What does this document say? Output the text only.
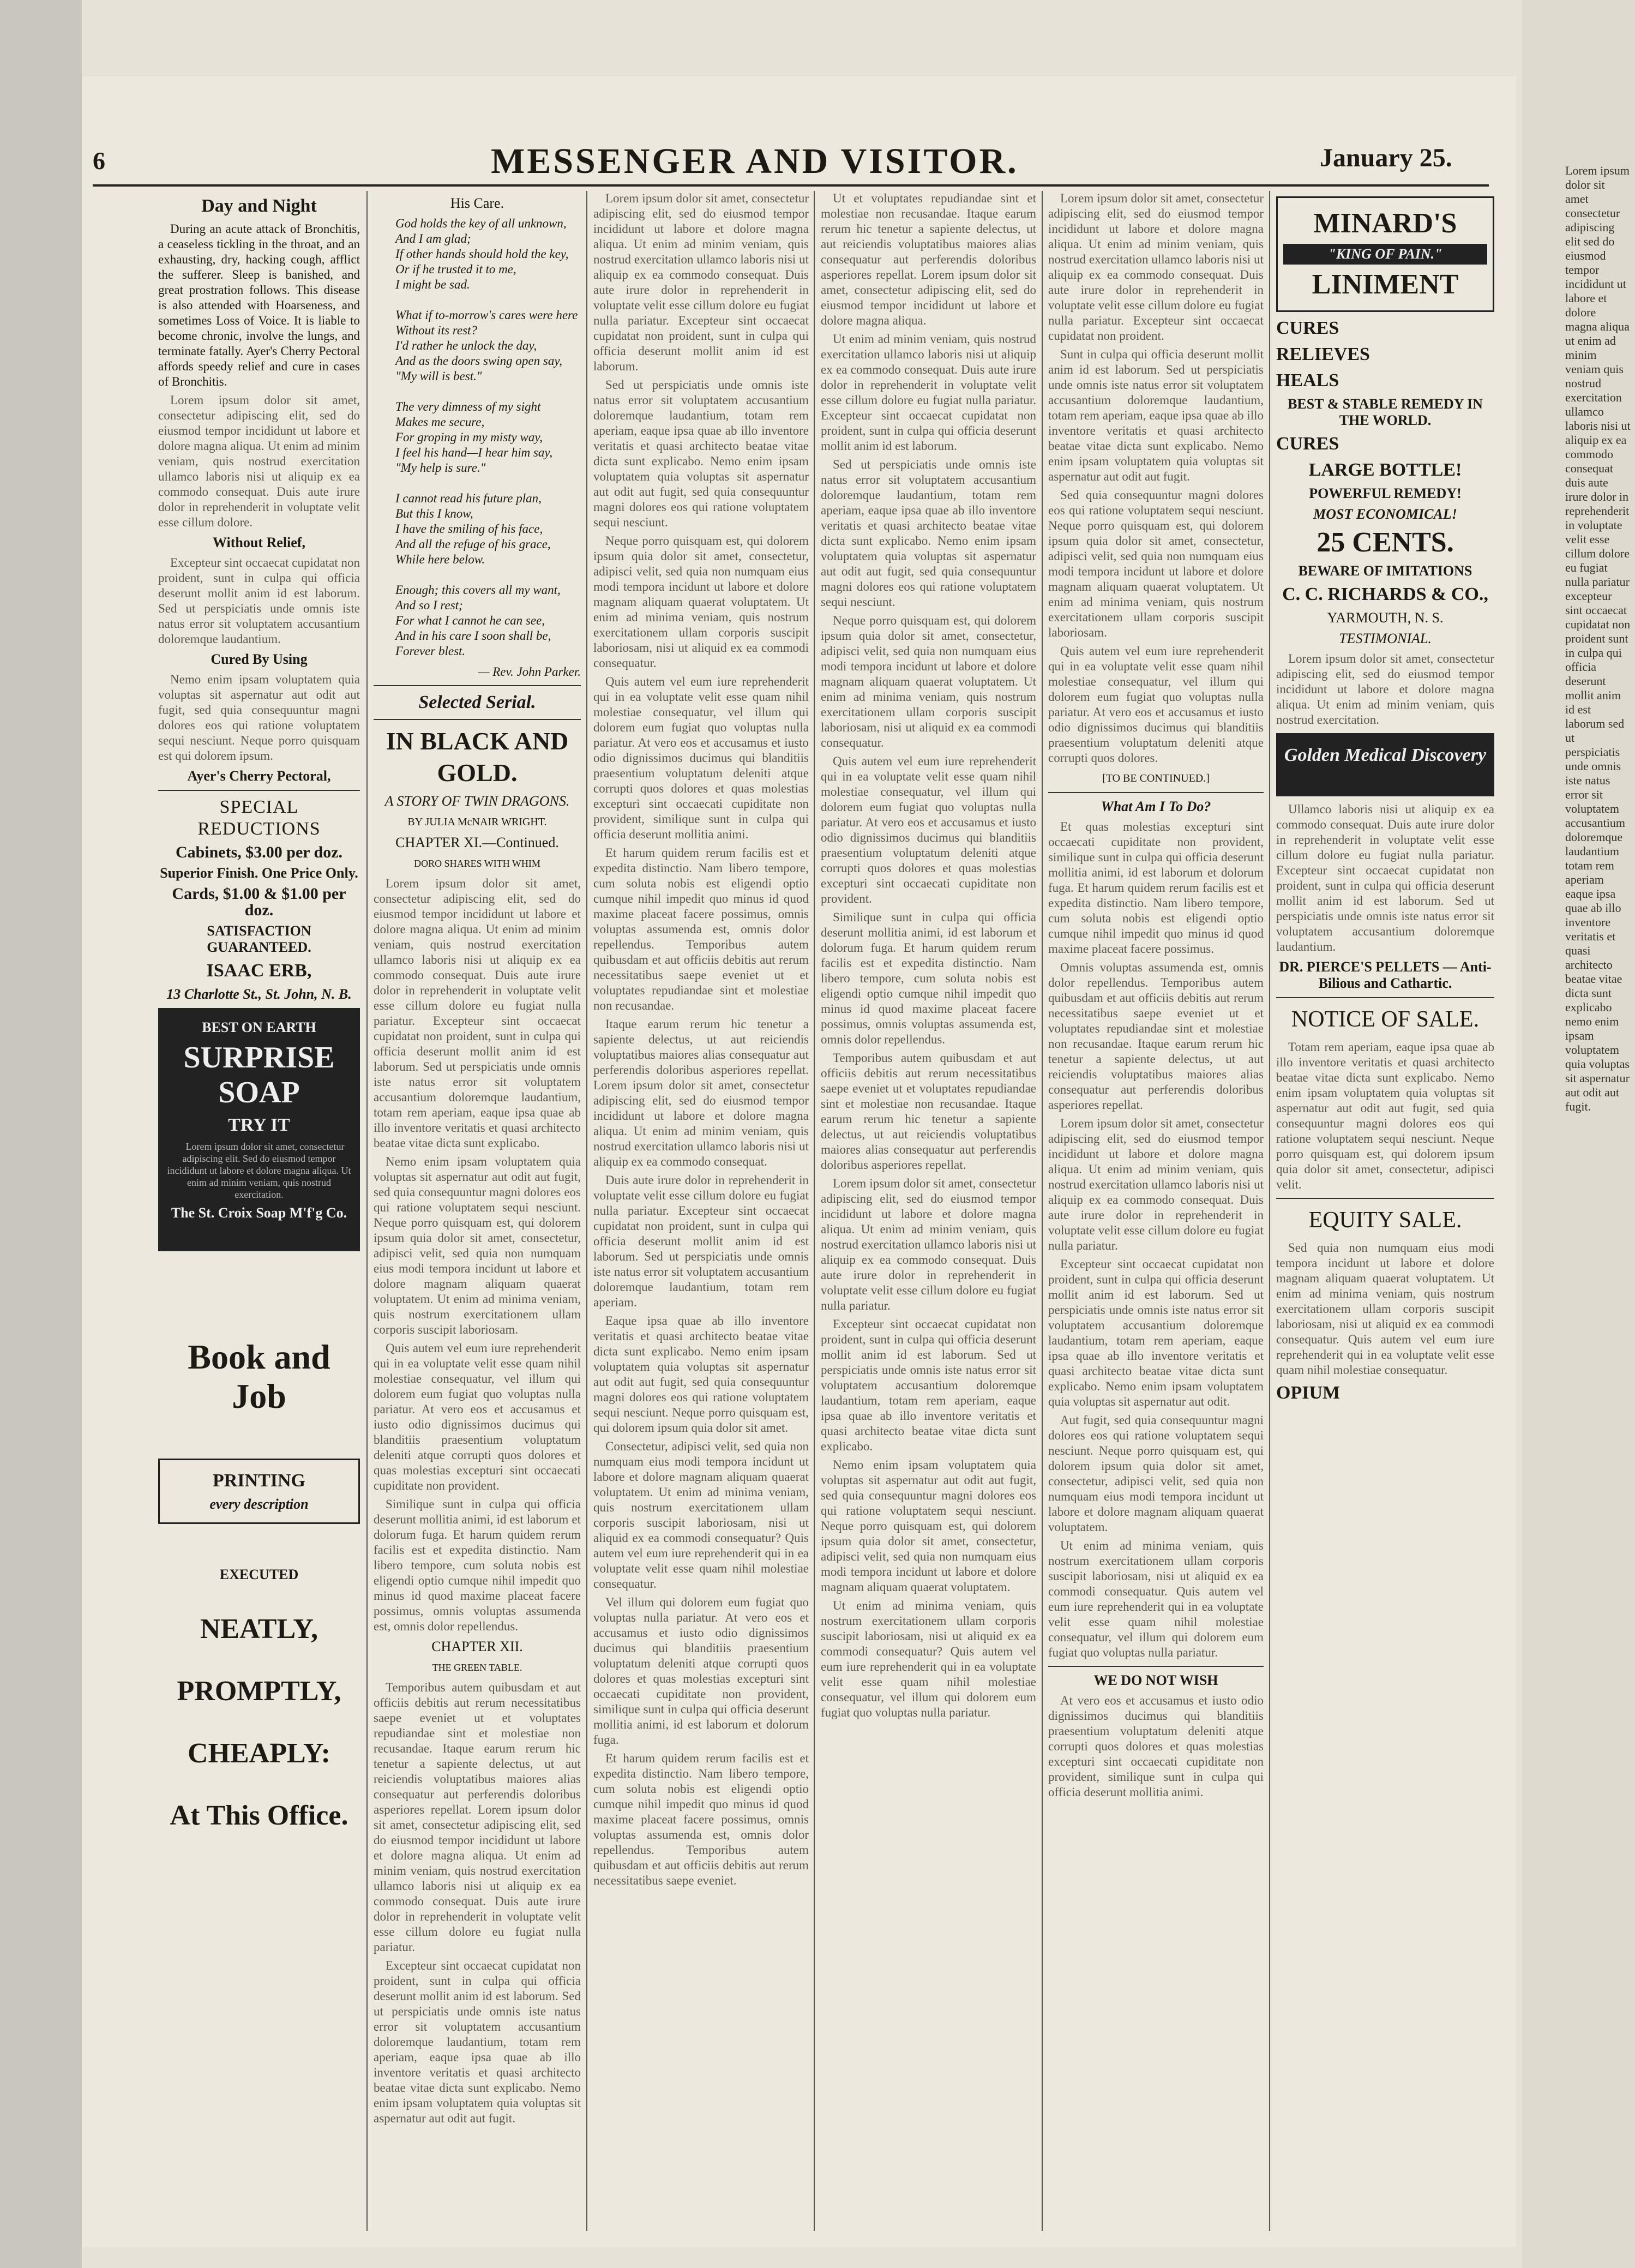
6	MESSENGER AND VISITOR.	January 25.
Day and Night

During an acute attack of Bronchitis, a ceaseless tickling in the throat, and an exhausting, dry, hacking cough, afflict the sufferer. Sleep is banished, and great prostration follows. This disease is also attended with Hoarseness, and sometimes Loss of Voice. It is liable to become chronic, involve the lungs, and terminate fatally. Ayer's Cherry Pectoral affords speedy relief and cure in cases of Bronchitis.

Lorem ipsum dolor sit amet, consectetur adipiscing elit, sed do eiusmod tempor incididunt ut labore et dolore magna aliqua. Ut enim ad minim veniam, quis nostrud exercitation ullamco laboris nisi ut aliquip ex ea commodo consequat. Duis aute irure dolor in reprehenderit in voluptate velit esse cillum dolore.

Without Relief,

Excepteur sint occaecat cupidatat non proident, sunt in culpa qui officia deserunt mollit anim id est laborum. Sed ut perspiciatis unde omnis iste natus error sit voluptatem accusantium doloremque laudantium.

Cured By Using

Nemo enim ipsam voluptatem quia voluptas sit aspernatur aut odit aut fugit, sed quia consequuntur magni dolores eos qui ratione voluptatem sequi nesciunt. Neque porro quisquam est qui dolorem ipsum.

Ayer's Cherry Pectoral,
SPECIAL REDUCTIONS
Cabinets, $3.00 per doz.
Superior Finish. One Price Only.
Cards, $1.00 & $1.00 per doz.
SATISFACTION GUARANTEED.
ISAAC ERB,
13 Charlotte St., St. John, N. B.
BEST ON EARTH
SURPRISE SOAP
TRY IT

Lorem ipsum dolor sit amet, consectetur adipiscing elit. Sed do eiusmod tempor incididunt ut labore et dolore magna aliqua. Ut enim ad minim veniam, quis nostrud exercitation.

The St. Croix Soap M'f'g Co.
Book and Job
PRINTING
every description
EXECUTED
NEATLY,
PROMPTLY,
CHEAPLY:
At This Office.
His Care.
God holds the key of all unknown,
And I am glad;
If other hands should hold the key,
Or if he trusted it to me,
I might be sad.

What if to-morrow's cares were here
Without its rest?
I'd rather he unlock the day,
And as the doors swing open say,
"My will is best."

The very dimness of my sight
Makes me secure,
For groping in my misty way,
I feel his hand—I hear him say,
"My help is sure."

I cannot read his future plan,
But this I know,
I have the smiling of his face,
And all the refuge of his grace,
While here below.

Enough; this covers all my want,
And so I rest;
For what I cannot he can see,
And in his care I soon shall be,
Forever blest.
— Rev. John Parker.
Selected Serial.
IN BLACK AND GOLD.
A STORY OF TWIN DRAGONS.
BY JULIA McNAIR WRIGHT.
CHAPTER XI.—Continued.
DORO SHARES WITH WHIM

Lorem ipsum dolor sit amet, consectetur adipiscing elit, sed do eiusmod tempor incididunt ut labore et dolore magna aliqua. Ut enim ad minim veniam, quis nostrud exercitation ullamco laboris nisi ut aliquip ex ea commodo consequat. Duis aute irure dolor in reprehenderit in voluptate velit esse cillum dolore eu fugiat nulla pariatur. Excepteur sint occaecat cupidatat non proident, sunt in culpa qui officia deserunt mollit anim id est laborum. Sed ut perspiciatis unde omnis iste natus error sit voluptatem accusantium doloremque laudantium, totam rem aperiam, eaque ipsa quae ab illo inventore veritatis et quasi architecto beatae vitae dicta sunt explicabo.

Nemo enim ipsam voluptatem quia voluptas sit aspernatur aut odit aut fugit, sed quia consequuntur magni dolores eos qui ratione voluptatem sequi nesciunt. Neque porro quisquam est, qui dolorem ipsum quia dolor sit amet, consectetur, adipisci velit, sed quia non numquam eius modi tempora incidunt ut labore et dolore magnam aliquam quaerat voluptatem. Ut enim ad minima veniam, quis nostrum exercitationem ullam corporis suscipit laboriosam.

Quis autem vel eum iure reprehenderit qui in ea voluptate velit esse quam nihil molestiae consequatur, vel illum qui dolorem eum fugiat quo voluptas nulla pariatur. At vero eos et accusamus et iusto odio dignissimos ducimus qui blanditiis praesentium voluptatum deleniti atque corrupti quos dolores et quas molestias excepturi sint occaecati cupiditate non provident.

Similique sunt in culpa qui officia deserunt mollitia animi, id est laborum et dolorum fuga. Et harum quidem rerum facilis est et expedita distinctio. Nam libero tempore, cum soluta nobis est eligendi optio cumque nihil impedit quo minus id quod maxime placeat facere possimus, omnis voluptas assumenda est, omnis dolor repellendus.

CHAPTER XII.
THE GREEN TABLE.

Temporibus autem quibusdam et aut officiis debitis aut rerum necessitatibus saepe eveniet ut et voluptates repudiandae sint et molestiae non recusandae. Itaque earum rerum hic tenetur a sapiente delectus, ut aut reiciendis voluptatibus maiores alias consequatur aut perferendis doloribus asperiores repellat. Lorem ipsum dolor sit amet, consectetur adipiscing elit, sed do eiusmod tempor incididunt ut labore et dolore magna aliqua. Ut enim ad minim veniam, quis nostrud exercitation ullamco laboris nisi ut aliquip ex ea commodo consequat. Duis aute irure dolor in reprehenderit in voluptate velit esse cillum dolore eu fugiat nulla pariatur.

Excepteur sint occaecat cupidatat non proident, sunt in culpa qui officia deserunt mollit anim id est laborum. Sed ut perspiciatis unde omnis iste natus error sit voluptatem accusantium doloremque laudantium, totam rem aperiam, eaque ipsa quae ab illo inventore veritatis et quasi architecto beatae vitae dicta sunt explicabo. Nemo enim ipsam voluptatem quia voluptas sit aspernatur aut odit aut fugit.

Lorem ipsum dolor sit amet, consectetur adipiscing elit, sed do eiusmod tempor incididunt ut labore et dolore magna aliqua. Ut enim ad minim veniam, quis nostrud exercitation ullamco laboris nisi ut aliquip ex ea commodo consequat. Duis aute irure dolor in reprehenderit in voluptate velit esse cillum dolore eu fugiat nulla pariatur. Excepteur sint occaecat cupidatat non proident, sunt in culpa qui officia deserunt mollit anim id est laborum.

Sed ut perspiciatis unde omnis iste natus error sit voluptatem accusantium doloremque laudantium, totam rem aperiam, eaque ipsa quae ab illo inventore veritatis et quasi architecto beatae vitae dicta sunt explicabo. Nemo enim ipsam voluptatem quia voluptas sit aspernatur aut odit aut fugit, sed quia consequuntur magni dolores eos qui ratione voluptatem sequi nesciunt.

Neque porro quisquam est, qui dolorem ipsum quia dolor sit amet, consectetur, adipisci velit, sed quia non numquam eius modi tempora incidunt ut labore et dolore magnam aliquam quaerat voluptatem. Ut enim ad minima veniam, quis nostrum exercitationem ullam corporis suscipit laboriosam, nisi ut aliquid ex ea commodi consequatur.

Quis autem vel eum iure reprehenderit qui in ea voluptate velit esse quam nihil molestiae consequatur, vel illum qui dolorem eum fugiat quo voluptas nulla pariatur. At vero eos et accusamus et iusto odio dignissimos ducimus qui blanditiis praesentium voluptatum deleniti atque corrupti quos dolores et quas molestias excepturi sint occaecati cupiditate non provident, similique sunt in culpa qui officia deserunt mollitia animi.

Et harum quidem rerum facilis est et expedita distinctio. Nam libero tempore, cum soluta nobis est eligendi optio cumque nihil impedit quo minus id quod maxime placeat facere possimus, omnis voluptas assumenda est, omnis dolor repellendus. Temporibus autem quibusdam et aut officiis debitis aut rerum necessitatibus saepe eveniet ut et voluptates repudiandae sint et molestiae non recusandae.

Itaque earum rerum hic tenetur a sapiente delectus, ut aut reiciendis voluptatibus maiores alias consequatur aut perferendis doloribus asperiores repellat. Lorem ipsum dolor sit amet, consectetur adipiscing elit, sed do eiusmod tempor incididunt ut labore et dolore magna aliqua. Ut enim ad minim veniam, quis nostrud exercitation ullamco laboris nisi ut aliquip ex ea commodo consequat.

Duis aute irure dolor in reprehenderit in voluptate velit esse cillum dolore eu fugiat nulla pariatur. Excepteur sint occaecat cupidatat non proident, sunt in culpa qui officia deserunt mollit anim id est laborum. Sed ut perspiciatis unde omnis iste natus error sit voluptatem accusantium doloremque laudantium, totam rem aperiam.

Eaque ipsa quae ab illo inventore veritatis et quasi architecto beatae vitae dicta sunt explicabo. Nemo enim ipsam voluptatem quia voluptas sit aspernatur aut odit aut fugit, sed quia consequuntur magni dolores eos qui ratione voluptatem sequi nesciunt. Neque porro quisquam est, qui dolorem ipsum quia dolor sit amet.

Consectetur, adipisci velit, sed quia non numquam eius modi tempora incidunt ut labore et dolore magnam aliquam quaerat voluptatem. Ut enim ad minima veniam, quis nostrum exercitationem ullam corporis suscipit laboriosam, nisi ut aliquid ex ea commodi consequatur? Quis autem vel eum iure reprehenderit qui in ea voluptate velit esse quam nihil molestiae consequatur.

Vel illum qui dolorem eum fugiat quo voluptas nulla pariatur. At vero eos et accusamus et iusto odio dignissimos ducimus qui blanditiis praesentium voluptatum deleniti atque corrupti quos dolores et quas molestias excepturi sint occaecati cupiditate non provident, similique sunt in culpa qui officia deserunt mollitia animi, id est laborum et dolorum fuga.

Et harum quidem rerum facilis est et expedita distinctio. Nam libero tempore, cum soluta nobis est eligendi optio cumque nihil impedit quo minus id quod maxime placeat facere possimus, omnis voluptas assumenda est, omnis dolor repellendus. Temporibus autem quibusdam et aut officiis debitis aut rerum necessitatibus saepe eveniet.

Ut et voluptates repudiandae sint et molestiae non recusandae. Itaque earum rerum hic tenetur a sapiente delectus, ut aut reiciendis voluptatibus maiores alias consequatur aut perferendis doloribus asperiores repellat. Lorem ipsum dolor sit amet, consectetur adipiscing elit, sed do eiusmod tempor incididunt ut labore et dolore magna aliqua.

Ut enim ad minim veniam, quis nostrud exercitation ullamco laboris nisi ut aliquip ex ea commodo consequat. Duis aute irure dolor in reprehenderit in voluptate velit esse cillum dolore eu fugiat nulla pariatur. Excepteur sint occaecat cupidatat non proident, sunt in culpa qui officia deserunt mollit anim id est laborum.

Sed ut perspiciatis unde omnis iste natus error sit voluptatem accusantium doloremque laudantium, totam rem aperiam, eaque ipsa quae ab illo inventore veritatis et quasi architecto beatae vitae dicta sunt explicabo. Nemo enim ipsam voluptatem quia voluptas sit aspernatur aut odit aut fugit, sed quia consequuntur magni dolores eos qui ratione voluptatem sequi nesciunt.

Neque porro quisquam est, qui dolorem ipsum quia dolor sit amet, consectetur, adipisci velit, sed quia non numquam eius modi tempora incidunt ut labore et dolore magnam aliquam quaerat voluptatem. Ut enim ad minima veniam, quis nostrum exercitationem ullam corporis suscipit laboriosam, nisi ut aliquid ex ea commodi consequatur.

Quis autem vel eum iure reprehenderit qui in ea voluptate velit esse quam nihil molestiae consequatur, vel illum qui dolorem eum fugiat quo voluptas nulla pariatur. At vero eos et accusamus et iusto odio dignissimos ducimus qui blanditiis praesentium voluptatum deleniti atque corrupti quos dolores et quas molestias excepturi sint occaecati cupiditate non provident.

Similique sunt in culpa qui officia deserunt mollitia animi, id est laborum et dolorum fuga. Et harum quidem rerum facilis est et expedita distinctio. Nam libero tempore, cum soluta nobis est eligendi optio cumque nihil impedit quo minus id quod maxime placeat facere possimus, omnis voluptas assumenda est, omnis dolor repellendus.

Temporibus autem quibusdam et aut officiis debitis aut rerum necessitatibus saepe eveniet ut et voluptates repudiandae sint et molestiae non recusandae. Itaque earum rerum hic tenetur a sapiente delectus, ut aut reiciendis voluptatibus maiores alias consequatur aut perferendis doloribus asperiores repellat.

Lorem ipsum dolor sit amet, consectetur adipiscing elit, sed do eiusmod tempor incididunt ut labore et dolore magna aliqua. Ut enim ad minim veniam, quis nostrud exercitation ullamco laboris nisi ut aliquip ex ea commodo consequat. Duis aute irure dolor in reprehenderit in voluptate velit esse cillum dolore eu fugiat nulla pariatur.

Excepteur sint occaecat cupidatat non proident, sunt in culpa qui officia deserunt mollit anim id est laborum. Sed ut perspiciatis unde omnis iste natus error sit voluptatem accusantium doloremque laudantium, totam rem aperiam, eaque ipsa quae ab illo inventore veritatis et quasi architecto beatae vitae dicta sunt explicabo.

Nemo enim ipsam voluptatem quia voluptas sit aspernatur aut odit aut fugit, sed quia consequuntur magni dolores eos qui ratione voluptatem sequi nesciunt. Neque porro quisquam est, qui dolorem ipsum quia dolor sit amet, consectetur, adipisci velit, sed quia non numquam eius modi tempora incidunt ut labore et dolore magnam aliquam quaerat voluptatem.

Ut enim ad minima veniam, quis nostrum exercitationem ullam corporis suscipit laboriosam, nisi ut aliquid ex ea commodi consequatur? Quis autem vel eum iure reprehenderit qui in ea voluptate velit esse quam nihil molestiae consequatur, vel illum qui dolorem eum fugiat quo voluptas nulla pariatur.

Lorem ipsum dolor sit amet, consectetur adipiscing elit, sed do eiusmod tempor incididunt ut labore et dolore magna aliqua. Ut enim ad minim veniam, quis nostrud exercitation ullamco laboris nisi ut aliquip ex ea commodo consequat. Duis aute irure dolor in reprehenderit in voluptate velit esse cillum dolore eu fugiat nulla pariatur. Excepteur sint occaecat cupidatat non proident.

Sunt in culpa qui officia deserunt mollit anim id est laborum. Sed ut perspiciatis unde omnis iste natus error sit voluptatem accusantium doloremque laudantium, totam rem aperiam, eaque ipsa quae ab illo inventore veritatis et quasi architecto beatae vitae dicta sunt explicabo. Nemo enim ipsam voluptatem quia voluptas sit aspernatur aut odit aut fugit.

Sed quia consequuntur magni dolores eos qui ratione voluptatem sequi nesciunt. Neque porro quisquam est, qui dolorem ipsum quia dolor sit amet, consectetur, adipisci velit, sed quia non numquam eius modi tempora incidunt ut labore et dolore magnam aliquam quaerat voluptatem. Ut enim ad minima veniam, quis nostrum exercitationem ullam corporis suscipit laboriosam.

Quis autem vel eum iure reprehenderit qui in ea voluptate velit esse quam nihil molestiae consequatur, vel illum qui dolorem eum fugiat quo voluptas nulla pariatur. At vero eos et accusamus et iusto odio dignissimos ducimus qui blanditiis praesentium voluptatum deleniti atque corrupti quos dolores.

[TO BE CONTINUED.]
What Am I To Do?

Et quas molestias excepturi sint occaecati cupiditate non provident, similique sunt in culpa qui officia deserunt mollitia animi, id est laborum et dolorum fuga. Et harum quidem rerum facilis est et expedita distinctio. Nam libero tempore, cum soluta nobis est eligendi optio cumque nihil impedit quo minus id quod maxime placeat facere possimus.

Omnis voluptas assumenda est, omnis dolor repellendus. Temporibus autem quibusdam et aut officiis debitis aut rerum necessitatibus saepe eveniet ut et voluptates repudiandae sint et molestiae non recusandae. Itaque earum rerum hic tenetur a sapiente delectus, ut aut reiciendis voluptatibus maiores alias consequatur aut perferendis doloribus asperiores repellat.

Lorem ipsum dolor sit amet, consectetur adipiscing elit, sed do eiusmod tempor incididunt ut labore et dolore magna aliqua. Ut enim ad minim veniam, quis nostrud exercitation ullamco laboris nisi ut aliquip ex ea commodo consequat. Duis aute irure dolor in reprehenderit in voluptate velit esse cillum dolore eu fugiat nulla pariatur.

Excepteur sint occaecat cupidatat non proident, sunt in culpa qui officia deserunt mollit anim id est laborum. Sed ut perspiciatis unde omnis iste natus error sit voluptatem accusantium doloremque laudantium, totam rem aperiam, eaque ipsa quae ab illo inventore veritatis et quasi architecto beatae vitae dicta sunt explicabo. Nemo enim ipsam voluptatem quia voluptas sit aspernatur aut odit.

Aut fugit, sed quia consequuntur magni dolores eos qui ratione voluptatem sequi nesciunt. Neque porro quisquam est, qui dolorem ipsum quia dolor sit amet, consectetur, adipisci velit, sed quia non numquam eius modi tempora incidunt ut labore et dolore magnam aliquam quaerat voluptatem.

Ut enim ad minima veniam, quis nostrum exercitationem ullam corporis suscipit laboriosam, nisi ut aliquid ex ea commodi consequatur. Quis autem vel eum iure reprehenderit qui in ea voluptate velit esse quam nihil molestiae consequatur, vel illum qui dolorem eum fugiat quo voluptas nulla pariatur.

WE DO NOT WISH

At vero eos et accusamus et iusto odio dignissimos ducimus qui blanditiis praesentium voluptatum deleniti atque corrupti quos dolores et quas molestias excepturi sint occaecati cupiditate non provident, similique sunt in culpa qui officia deserunt mollitia animi.

MINARD'S
"KING OF PAIN."
LINIMENT
CURES
RELIEVES
HEALS
BEST & STABLE REMEDY IN THE WORLD.
CURES
LARGE BOTTLE!
POWERFUL REMEDY!
MOST ECONOMICAL!
25 CENTS.
BEWARE OF IMITATIONS
C. C. RICHARDS & CO.,
YARMOUTH, N. S.
TESTIMONIAL.

Lorem ipsum dolor sit amet, consectetur adipiscing elit, sed do eiusmod tempor incididunt ut labore et dolore magna aliqua. Ut enim ad minim veniam, quis nostrud exercitation.

Golden Medical Discovery

Ullamco laboris nisi ut aliquip ex ea commodo consequat. Duis aute irure dolor in reprehenderit in voluptate velit esse cillum dolore eu fugiat nulla pariatur. Excepteur sint occaecat cupidatat non proident, sunt in culpa qui officia deserunt mollit anim id est laborum. Sed ut perspiciatis unde omnis iste natus error sit voluptatem accusantium doloremque laudantium.

DR. PIERCE'S PELLETS — Anti-Bilious and Cathartic.
NOTICE OF SALE.

Totam rem aperiam, eaque ipsa quae ab illo inventore veritatis et quasi architecto beatae vitae dicta sunt explicabo. Nemo enim ipsam voluptatem quia voluptas sit aspernatur aut odit aut fugit, sed quia consequuntur magni dolores eos qui ratione voluptatem sequi nesciunt. Neque porro quisquam est, qui dolorem ipsum quia dolor sit amet, consectetur, adipisci velit.

EQUITY SALE.

Sed quia non numquam eius modi tempora incidunt ut labore et dolore magnam aliquam quaerat voluptatem. Ut enim ad minima veniam, quis nostrum exercitationem ullam corporis suscipit laboriosam, nisi ut aliquid ex ea commodi consequatur. Quis autem vel eum iure reprehenderit qui in ea voluptate velit esse quam nihil molestiae consequatur.

OPIUM
Lorem ipsum dolor sit amet consectetur adipiscing elit sed do eiusmod tempor incididunt ut labore et dolore magna aliqua ut enim ad minim veniam quis nostrud exercitation ullamco laboris nisi ut aliquip ex ea commodo consequat duis aute irure dolor in reprehenderit in voluptate velit esse cillum dolore eu fugiat nulla pariatur excepteur sint occaecat cupidatat non proident sunt in culpa qui officia deserunt mollit anim id est laborum sed ut perspiciatis unde omnis iste natus error sit voluptatem accusantium doloremque laudantium totam rem aperiam eaque ipsa quae ab illo inventore veritatis et quasi architecto beatae vitae dicta sunt explicabo nemo enim ipsam voluptatem quia voluptas sit aspernatur aut odit aut fugit.
